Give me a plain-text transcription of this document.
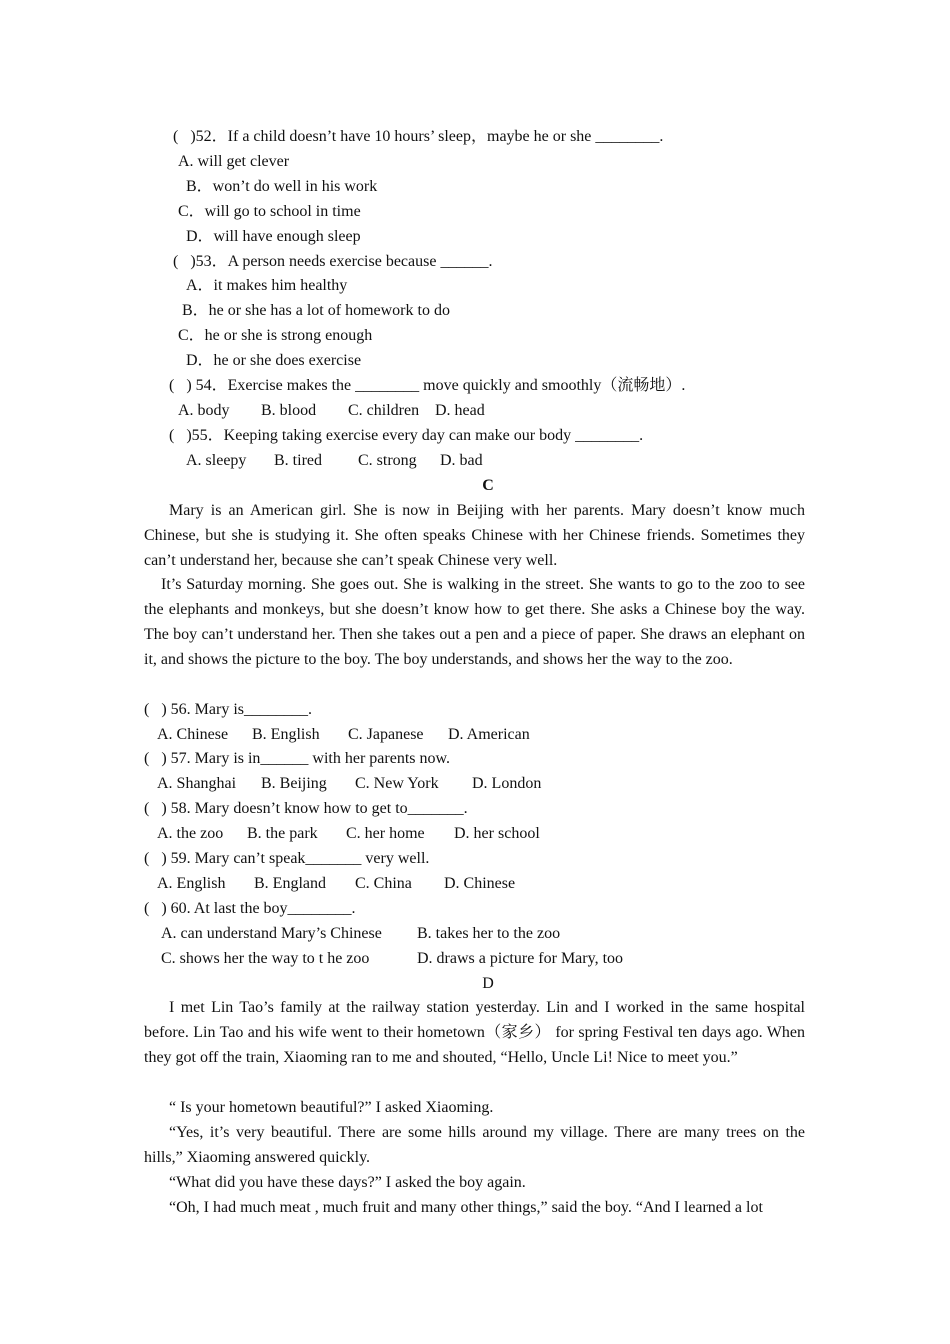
(   )52．If a child doesn’t have 10 hours’ sleep，maybe he or she ________.
A. will get clever
B．won’t do well in his work
C．will go to school in time
D．will have enough sleep
(   )53．A person needs exercise because ______.
A．it makes him healthy
B．he or she has a lot of homework to do
C．he or she is strong enough
D．he or she does exercise
(   ) 54．Exercise makes the ________ move quickly and smoothly（流畅地）.
A. body B. blood C. children D. head
(   )55．Keeping taking exercise every day can make our body ________.
A. sleepy B. tired C. strong D. bad
C
Mary is an American girl. She is now in Beijing with her parents. Mary doesn’t know much Chinese, but she is studying it. She often speaks Chinese with her Chinese friends. Sometimes they can’t understand her, because she can’t speak Chinese very well.
It’s Saturday morning. She goes out. She is walking in the street. She wants to go to the zoo to see the elephants and monkeys, but she doesn’t know how to get there. She asks a Chinese boy the way. The boy can’t understand her. Then she takes out a pen and a piece of paper. She draws an elephant on it, and shows the picture to the boy. The boy understands, and shows her the way to the zoo.
(   ) 56. Mary is________.
A. Chinese B. English C. Japanese D. American
(   ) 57. Mary is in______ with her parents now.
A. Shanghai B. Beijing C. New York D. London
(   ) 58. Mary doesn’t know how to get to_______.
A. the zoo B. the park C. her home D. her school
(   ) 59. Mary can’t speak_______ very well.
A. English B. England C. China D. Chinese
(   ) 60. At last the boy________.
A. can understand Mary’s Chinese B. takes her to the zoo
C. shows her the way to t he zoo	D. draws a picture for Mary, too
D
I met Lin Tao’s family at the railway station yesterday. Lin and I worked in the same hospital before. Lin Tao and his wife went to their hometown（家乡） for spring Festival ten days ago. When they got off the train, Xiaoming ran to me and shouted, “Hello, Uncle Li! Nice to meet you.”
“ Is your hometown beautiful?” I asked Xiaoming.
“Yes, it’s very beautiful. There are some hills around my village. There are many trees on the hills,” Xiaoming answered quickly.
“What did you have these days?” I asked the boy again.
“Oh, I had much meat , much fruit and many other things,” said the boy. “And I learned a lot
